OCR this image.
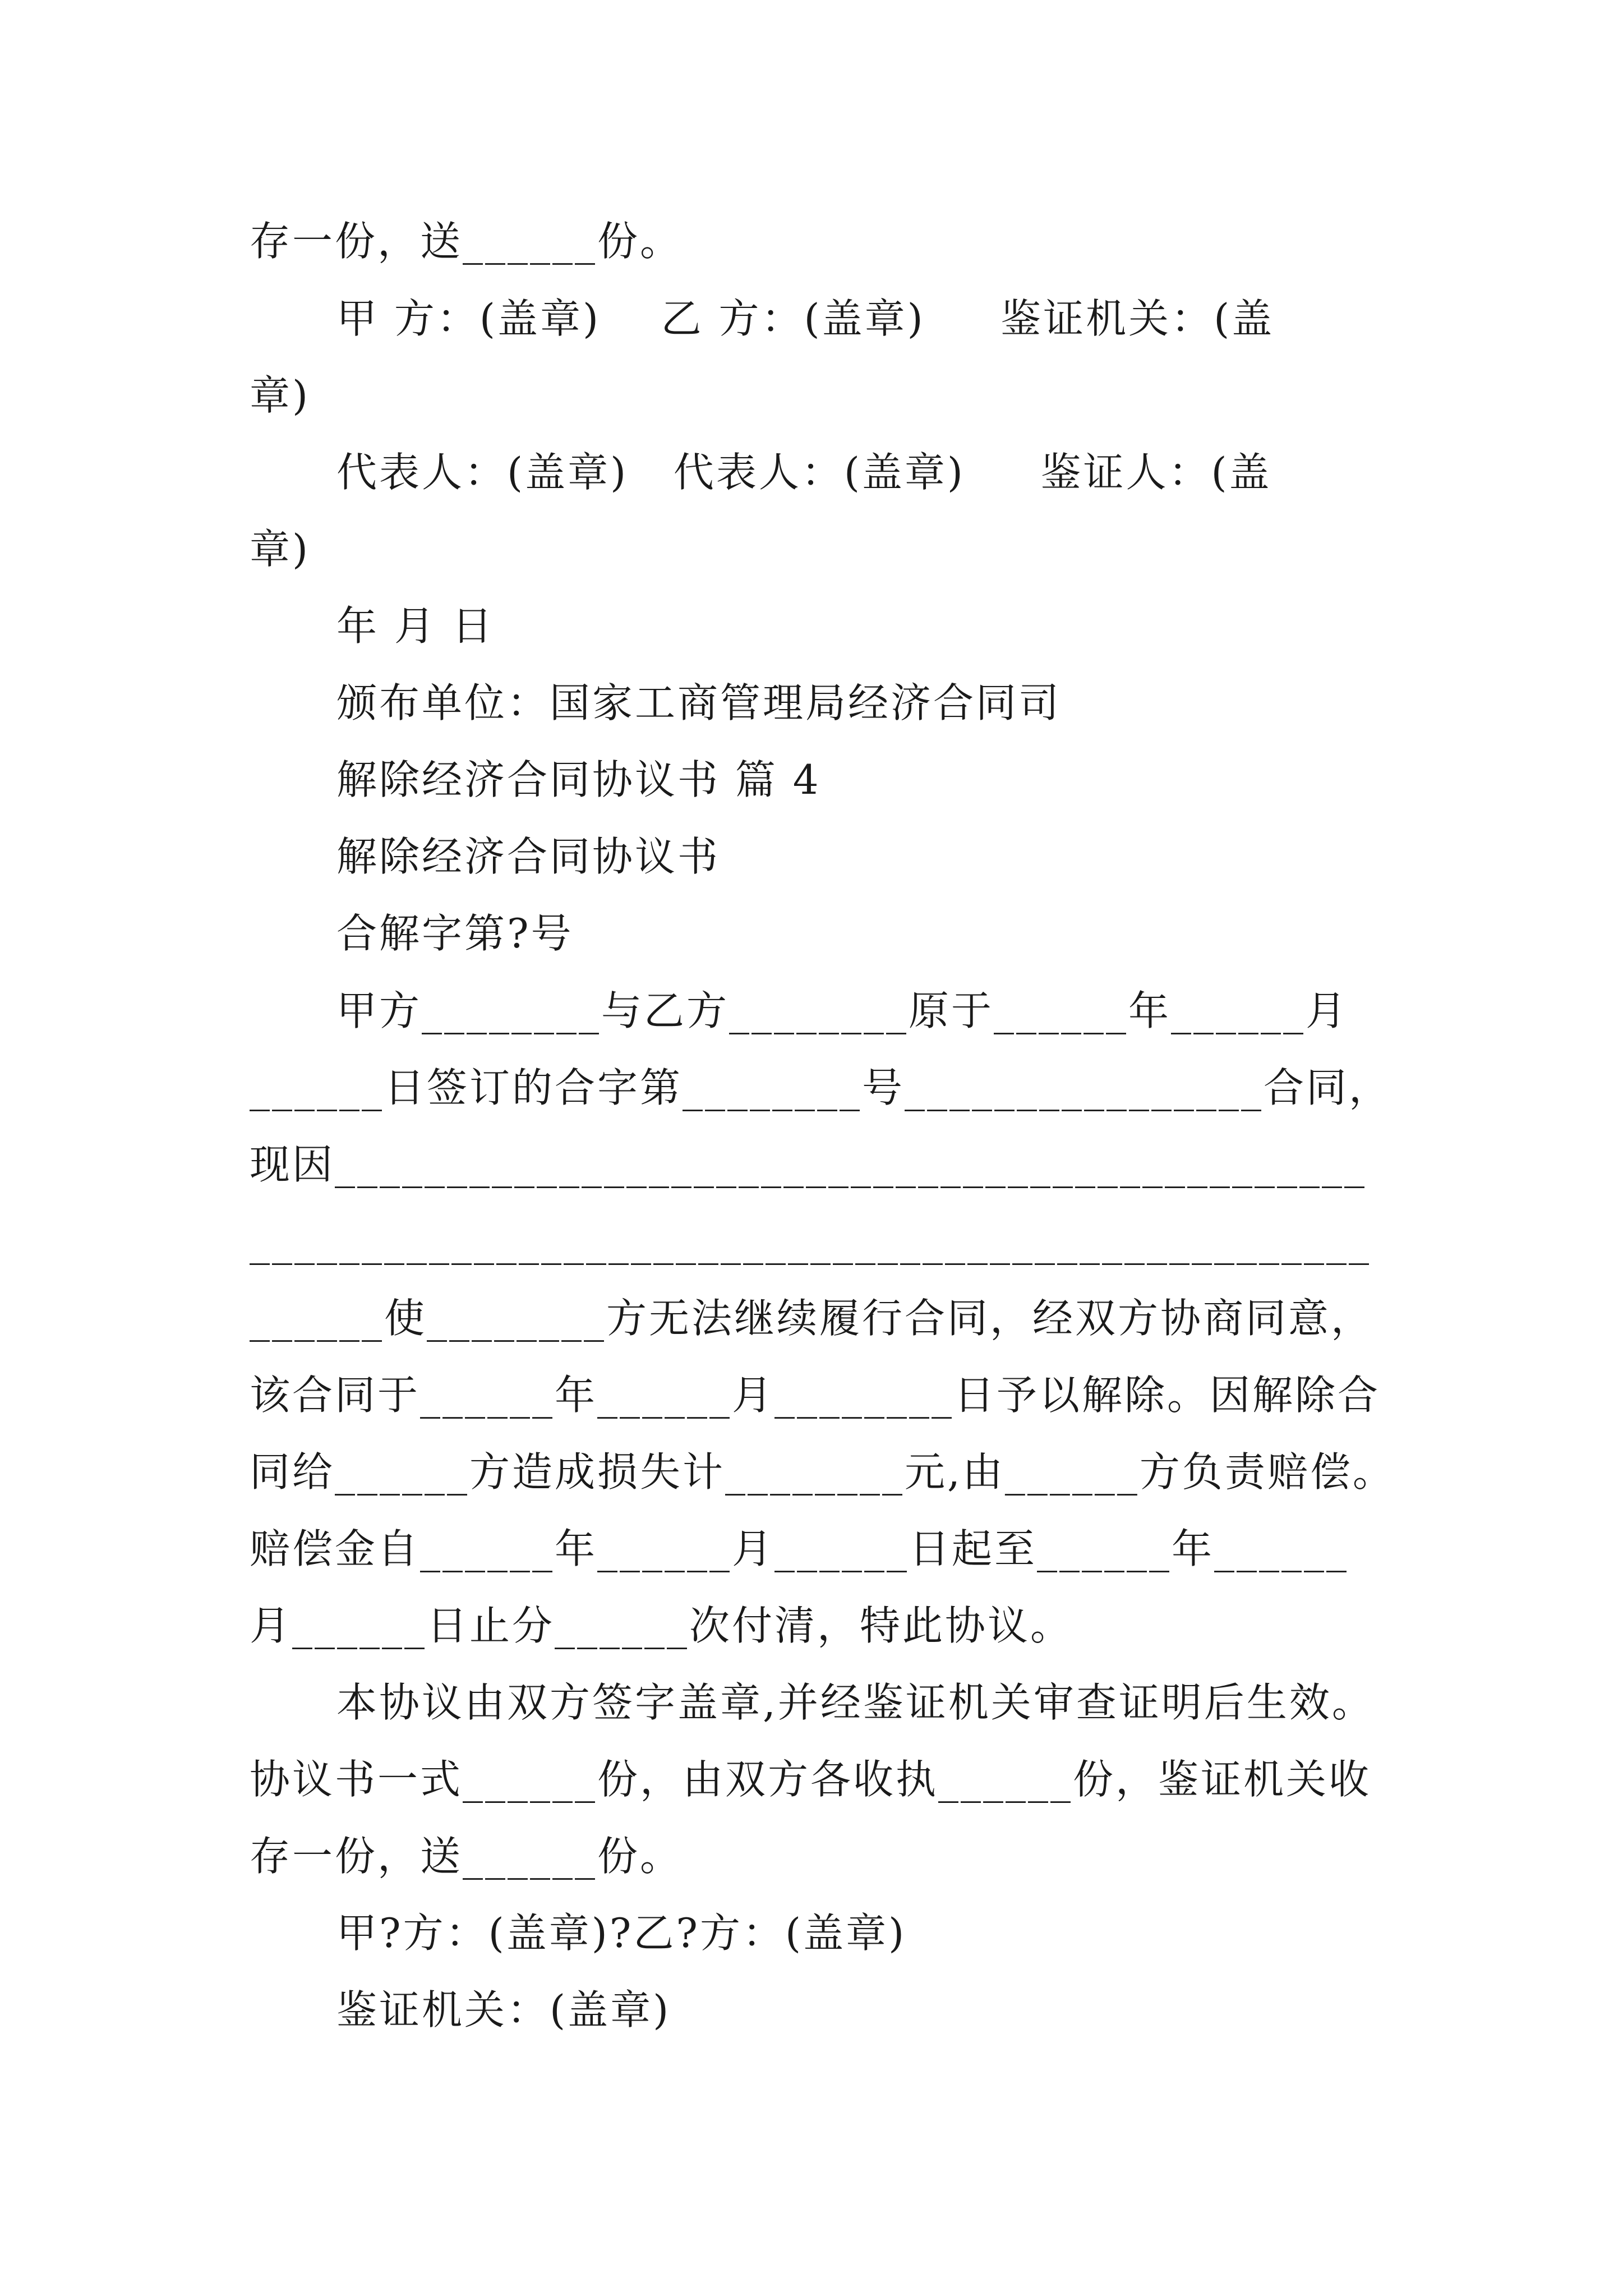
存一份，送______份。
甲 方：(盖章)    乙 方：(盖章)     鉴证机关：(盖
章)
代表人：(盖章)   代表人：(盖章)     鉴证人：(盖
章)
年 月 日
颁布单位：国家工商管理局经济合同司
解除经济合同协议书 篇 4
解除经济合同协议书
合解字第?号
甲方________与乙方________原于______年______月
______日签订的合字第________号________________合同，
现因______________________________________________
__________________________________________________
______使________方无法继续履行合同，经双方协商同意，
该合同于______年______月________日予以解除。因解除合
同给______方造成损失计________元,由______方负责赔偿。
赔偿金自______年______月______日起至______年______
月______日止分______次付清，特此协议。
本协议由双方签字盖章,并经鉴证机关审查证明后生效。
协议书一式______份，由双方各收执______份，鉴证机关收
存一份，送______份。
甲?方：(盖章)?乙?方：(盖章)
鉴证机关：(盖章)
